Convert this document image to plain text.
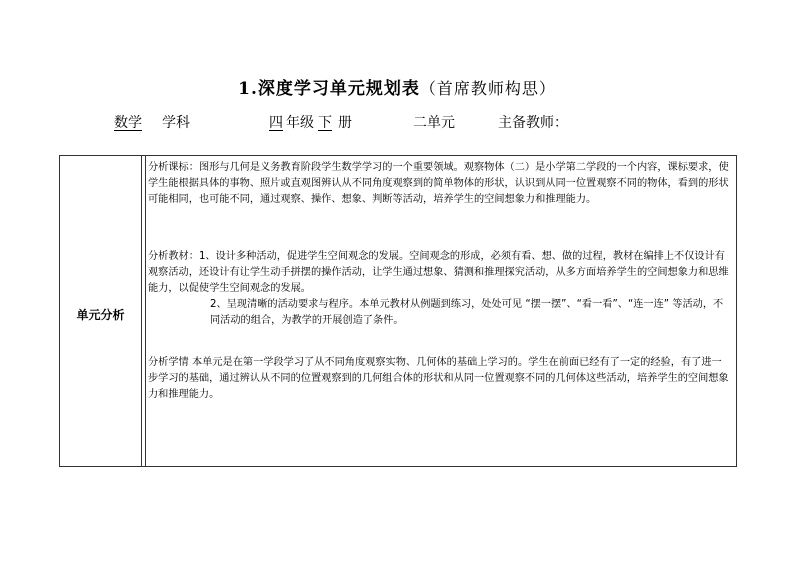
1.深度学习单元规划表（首席教师构思）
数学 学科	四 年级 下 册	二单元	主备教师：
单元分析
分析课标：图形与几何是义务教育阶段学生数学学习的一个重要领域。观察物体（二）是小学第二学段的一个内容，课标要求，使学生能根据具体的事物、照片或直观图辨认从不同角度观察到的简单物体的形状，认识到从同一位置观察不同的物体，看到的形状可能相同，也可能不同，通过观察、操作、想象、判断等活动，培养学生的空间想象力和推理能力。
分析教材：1、设计多种活动，促进学生空间观念的发展。空间观念的形成，必须有看、想、做的过程，教材在编排上不仅设计有观察活动，还设计有让学生动手拼摆的操作活动，让学生通过想象、猜测和推理探究活动，从多方面培养学生的空间想象力和思维能力，以促使学生空间观念的发展。
2、呈现清晰的活动要求与程序。本单元教材从例题到练习，处处可见 “摆一摆”、“看一看”、“连一连” 等活动，不同活动的组合，为教学的开展创造了条件。
分析学情 本单元是在第一学段学习了从不同角度观察实物、几何体的基础上学习的。学生在前面已经有了一定的经验，有了进一步学习的基础，通过辨认从不同的位置观察到的几何组合体的形状和从同一位置观察不同的几何体这些活动，培养学生的空间想象力和推理能力。
